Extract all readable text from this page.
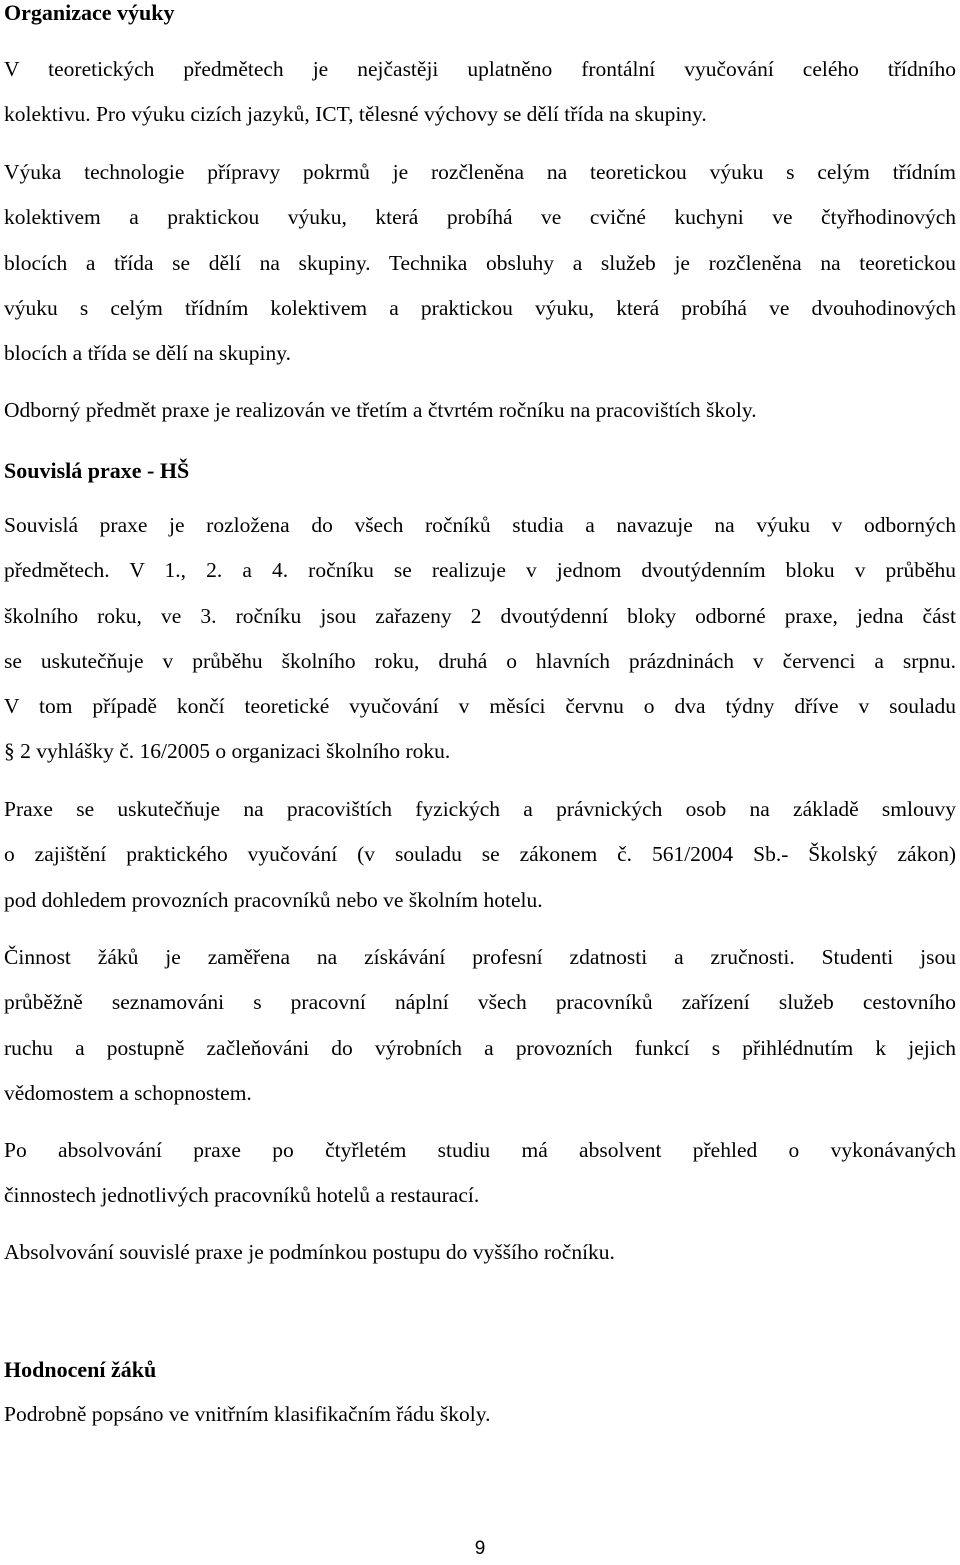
Organizace výuky

V teoretických předmětech je nejčastěji uplatněno frontální vyučování celého třídního
kolektivu. Pro výuku cizích jazyků, ICT, tělesné výchovy se dělí třída na skupiny.

Výuka technologie přípravy pokrmů je rozčleněna na teoretickou výuku s celým třídním
kolektivem a praktickou výuku, která probíhá ve cvičné kuchyni ve čtyřhodinových
blocích a třída se dělí na skupiny. Technika obsluhy a služeb je rozčleněna na teoretickou
výuku s celým třídním kolektivem a praktickou výuku, která probíhá ve dvouhodinových
blocích a třída se dělí na skupiny.

Odborný předmět praxe je realizován ve třetím a čtvrtém ročníku na pracovištích školy.

Souvislá praxe - HŠ

Souvislá praxe je rozložena do všech ročníků studia a navazuje na výuku v odborných
předmětech. V 1., 2. a 4. ročníku se realizuje v jednom dvoutýdenním bloku v průběhu
školního roku, ve 3. ročníku jsou zařazeny 2 dvoutýdenní bloky odborné praxe, jedna část
se uskutečňuje v průběhu školního roku, druhá o hlavních prázdninách v červenci a srpnu.
V tom případě končí teoretické vyučování v měsíci červnu o dva týdny dříve v souladu
§ 2 vyhlášky č. 16/2005 o organizaci školního roku.

Praxe se uskutečňuje na pracovištích fyzických a právnických osob na základě smlouvy
o zajištění praktického vyučování (v souladu se zákonem č. 561/2004 Sb.- Školský zákon)
pod dohledem provozních pracovníků nebo ve školním hotelu.

Činnost žáků je zaměřena na získávání profesní zdatnosti a zručnosti. Studenti jsou
průběžně seznamováni s pracovní náplní všech pracovníků zařízení služeb cestovního
ruchu a postupně začleňováni do výrobních a provozních funkcí s přihlédnutím k jejich
vědomostem a schopnostem.

Po absolvování praxe po čtyřletém studiu má absolvent přehled o vykonávaných
činnostech jednotlivých pracovníků hotelů a restaurací.

Absolvování souvislé praxe je podmínkou postupu do vyššího ročníku.

Hodnocení žáků

Podrobně popsáno ve vnitřním klasifikačním řádu školy.

9
